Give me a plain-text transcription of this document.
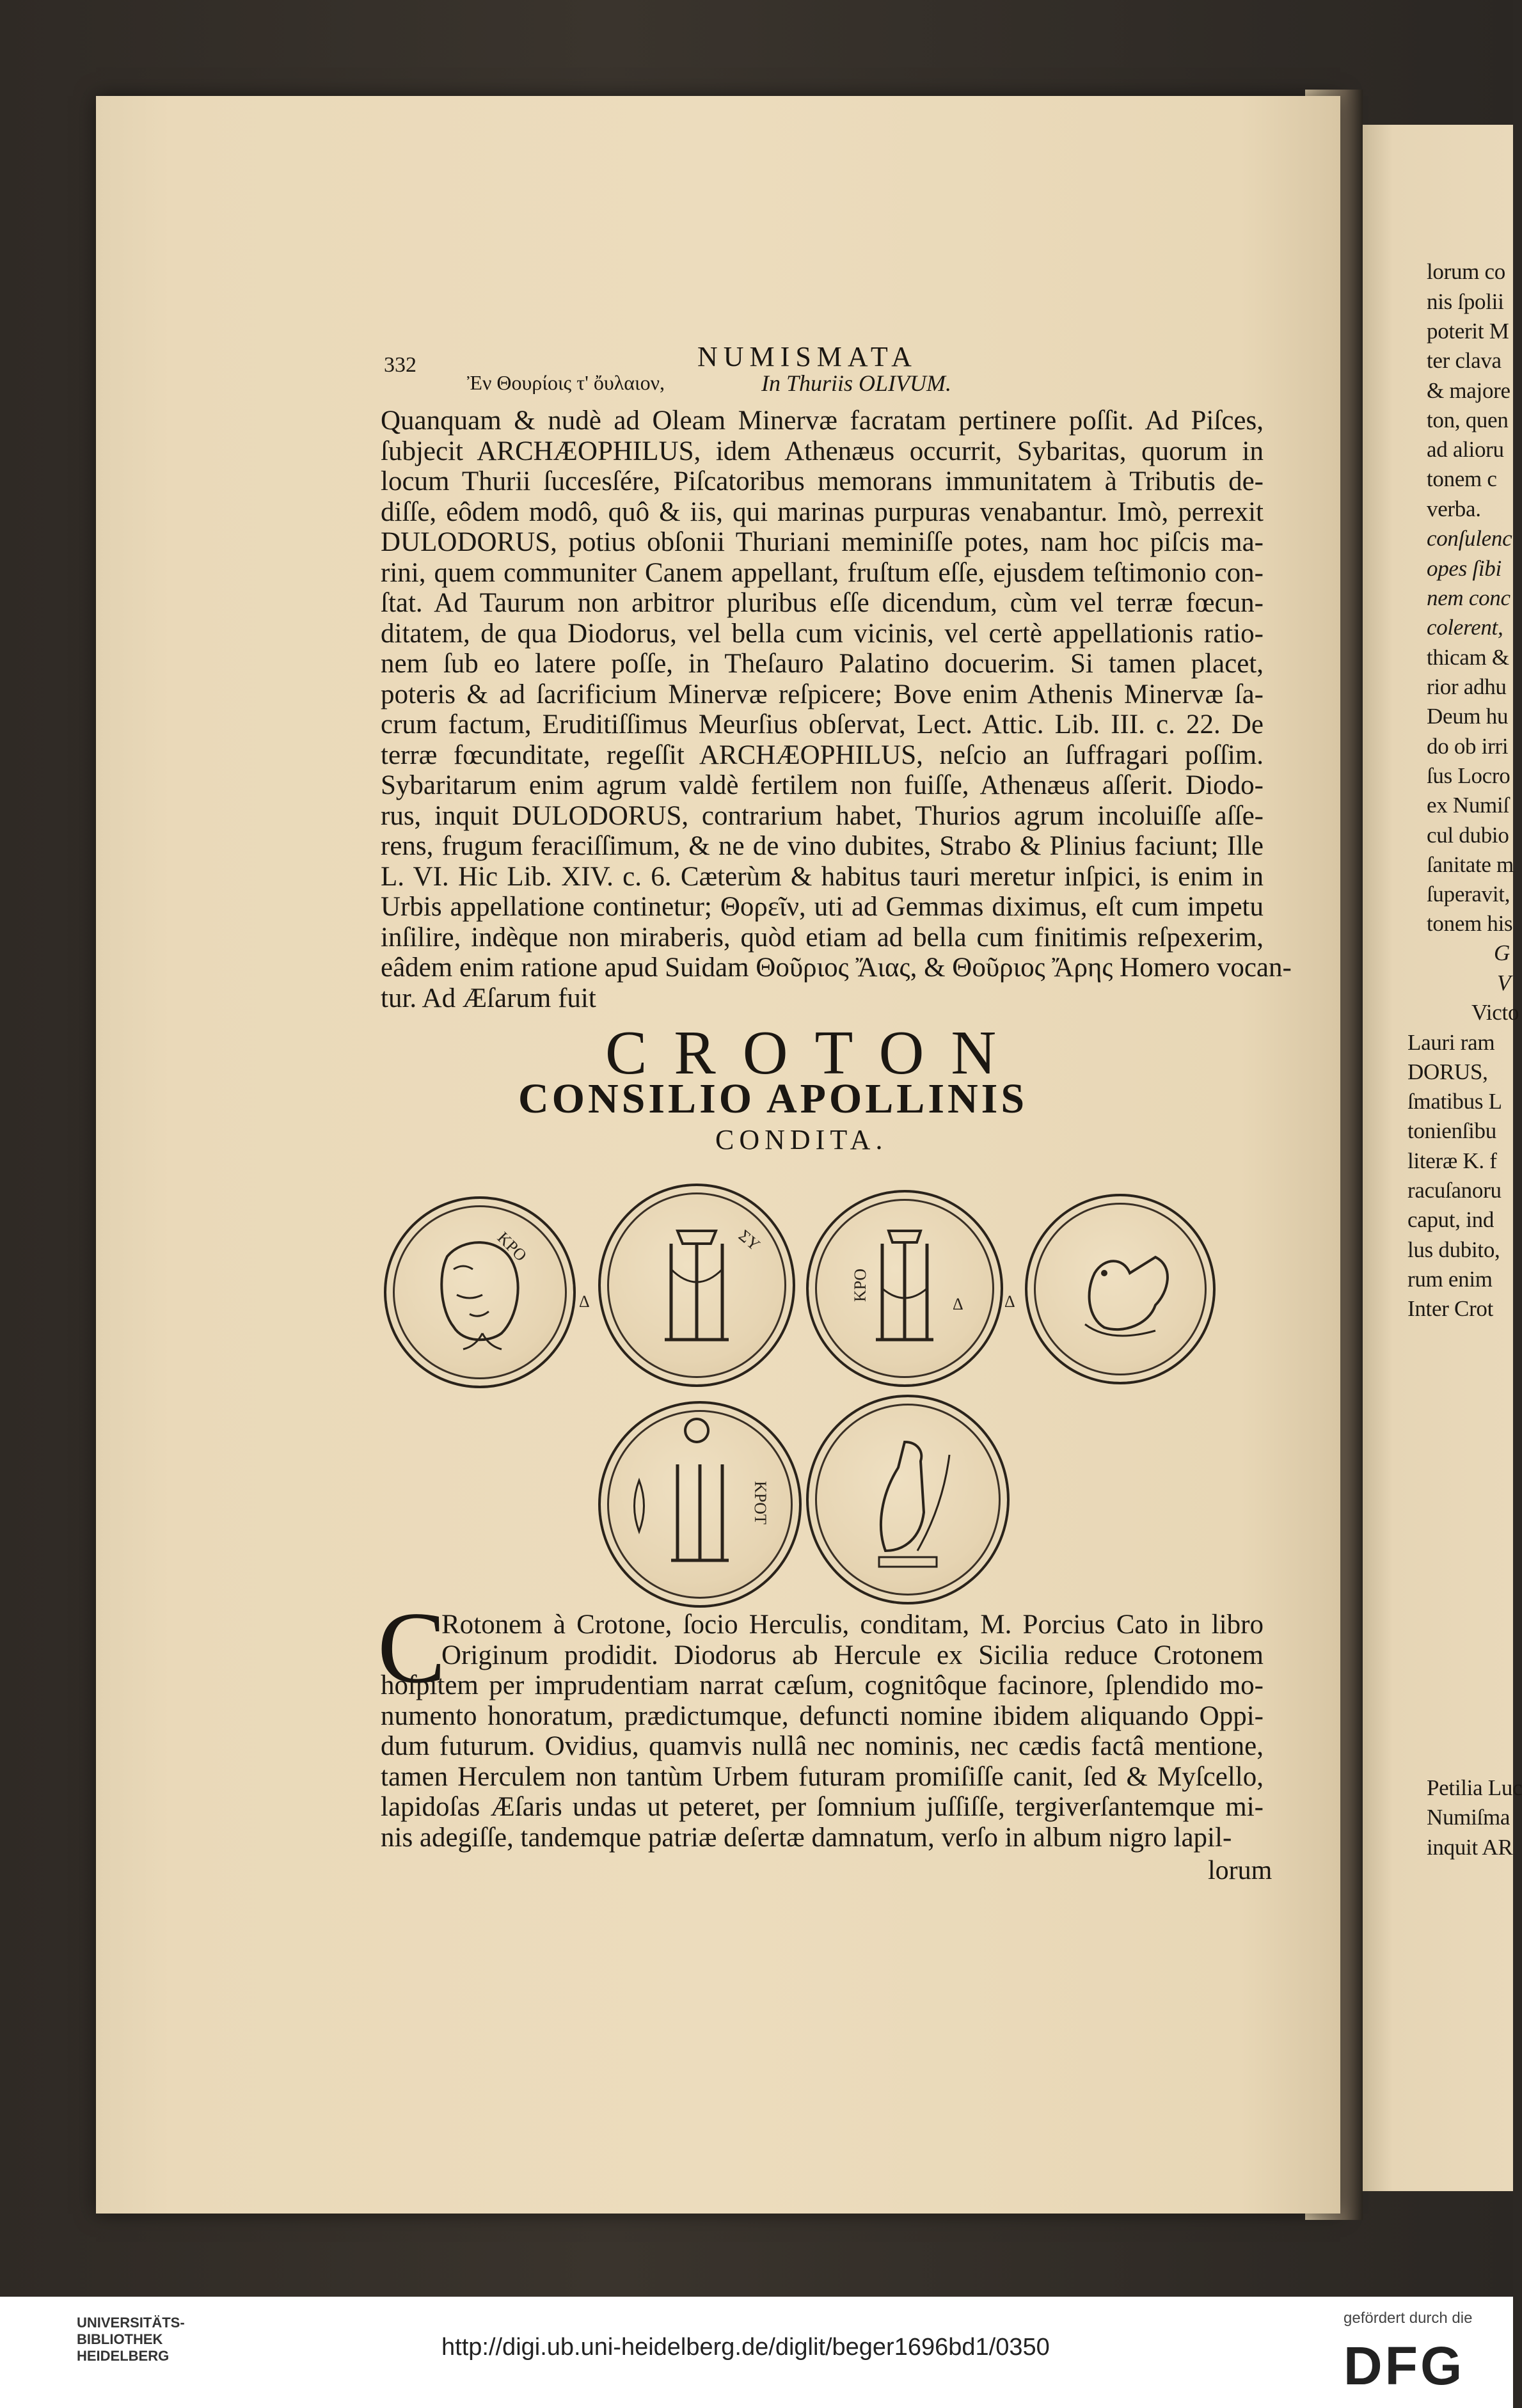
lorum co
nis ſpolii
poterit M
ter clava
& majore
ton, quen
ad alioru
tonem c
verba.
conſulenc
opes ſibi
nem conc
colerent,
thicam &
rior adhu
Deum hu
do ob irri
ſus Locro
ex Numiſ
cul dubio
ſanitate m
ſuperavit,
tonem his
G
V
Victo
Lauri ram
DORUS,
ſmatibus L
tonienſibu
literæ K. f
racuſanoru
caput, ind
lus dubito,
rum enim
Inter Crot
Petilia Luc
Numiſma
inquit AR
332	NUMISMATA
Ἐν Θουρίοις τ' ὄυλαιον,	In Thuriis OLIVUM.
Quanquam & nudè ad Oleam Minervæ facratam pertinere poſſit. Ad Piſces,
ſubjecit ARCHÆOPHILUS, idem Athenæus occurrit, Sybaritas, quorum in
locum Thurii ſuccesſére, Piſcatoribus memorans immunitatem à Tributis de-
diſſe, eôdem modô, quô & iis, qui marinas purpuras venabantur. Imò, perrexit
DULODORUS, potius obſonii Thuriani meminiſſe potes, nam hoc piſcis ma-
rini, quem communiter Canem appellant, fruſtum eſſe, ejusdem teſtimonio con-
ſtat. Ad Taurum non arbitror pluribus eſſe dicendum, cùm vel terræ fœcun-
ditatem, de qua Diodorus, vel bella cum vicinis, vel certè appellationis ratio-
nem ſub eo latere poſſe, in Theſauro Palatino docuerim. Si tamen placet,
poteris & ad ſacrificium Minervæ reſpicere; Bove enim Athenis Minervæ ſa-
crum factum, Eruditiſſimus Meurſius obſervat, Lect. Attic. Lib. III. c. 22. De
terræ fœcunditate, regeſſit ARCHÆOPHILUS, neſcio an ſuffragari poſſim.
Sybaritarum enim agrum valdè fertilem non fuiſſe, Athenæus aſſerit. Diodo-
rus, inquit DULODORUS, contrarium habet, Thurios agrum incoluiſſe aſſe-
rens, frugum feraciſſimum, & ne de vino dubites, Strabo & Plinius faciunt; Ille
L. VI. Hic Lib. XIV. c. 6. Cæterùm & habitus tauri meretur inſpici, is enim in
Urbis appellatione continetur; Θορεῖν, uti ad Gemmas diximus, eſt cum impetu
inſilire, indèque non miraberis, quòd etiam ad bella cum finitimis reſpexerim,
eâdem enim ratione apud Suidam Θοῦριος Ἄιας, & Θοῦριος Ἄρης Homero vocan-
tur. Ad Æſarum fuit
CROTON
CONSILIO APOLLINIS
CONDITA.
ΚΡΟ
Δ
ΣΥ
ΚΡΟ
Δ Δ
ΚΡΟΤ
C
Rotonem à Crotone, ſocio Herculis, conditam, M. Porcius Cato in libro
Originum prodidit. Diodorus ab Hercule ex Sicilia reduce Crotonem
hoſpitem per imprudentiam narrat cæſum, cognitôque facinore, ſplendido mo-
numento honoratum, prædictumque, defuncti nomine ibidem aliquando Oppi-
dum futurum. Ovidius, quamvis nullâ nec nominis, nec cædis factâ mentione,
tamen Herculem non tantùm Urbem futuram promiſiſſe canit, ſed & Myſcello,
lapidoſas Æſaris undas ut peteret, per ſomnium juſſiſſe, tergiverſantemque mi-
nis adegiſſe, tandemque patriæ deſertæ damnatum, verſo in album nigro lapil-
lorum
UNIVERSITÄTS-
BIBLIOTHEK
HEIDELBERG	http://digi.ub.uni-heidelberg.de/diglit/beger1696bd1/0350
gefördert durch die
DFG
